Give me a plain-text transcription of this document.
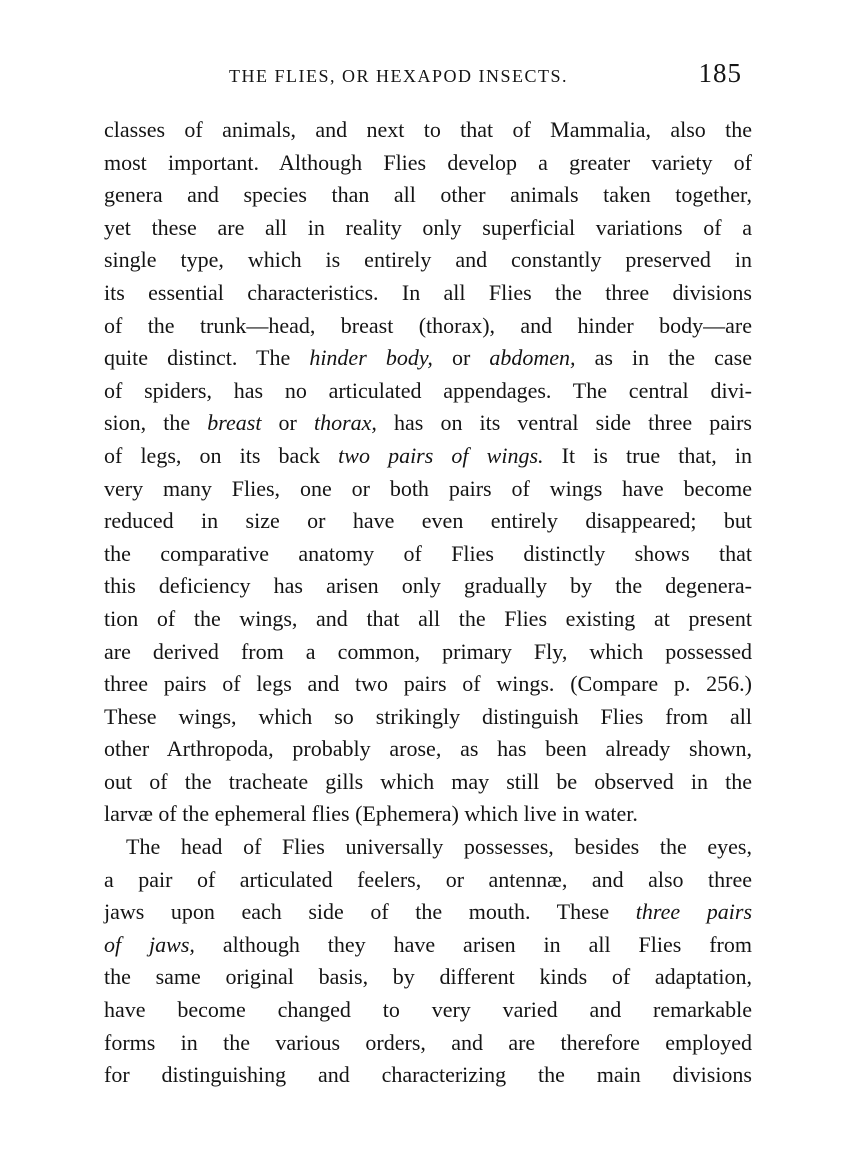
THE FLIES, OR HEXAPOD INSECTS.	185
classes of animals, and next to that of Mammalia, also the
most important. Although Flies develop a greater variety of
genera and species than all other animals taken together,
yet these are all in reality only superficial variations of a
single type, which is entirely and constantly preserved in
its essential characteristics. In all Flies the three divisions
of the trunk—head, breast (thorax), and hinder body—are
quite distinct. The hinder body, or abdomen, as in the case
of spiders, has no articulated appendages. The central divi-
sion, the breast or thorax, has on its ventral side three pairs
of legs, on its back two pairs of wings. It is true that, in
very many Flies, one or both pairs of wings have become
reduced in size or have even entirely disappeared; but
the comparative anatomy of Flies distinctly shows that
this deficiency has arisen only gradually by the degenera-
tion of the wings, and that all the Flies existing at present
are derived from a common, primary Fly, which possessed
three pairs of legs and two pairs of wings. (Compare p. 256.)
These wings, which so strikingly distinguish Flies from all
other Arthropoda, probably arose, as has been already shown,
out of the tracheate gills which may still be observed in the
larvæ of the ephemeral flies (Ephemera) which live in water.
The head of Flies universally possesses, besides the eyes,
a pair of articulated feelers, or antennæ, and also three
jaws upon each side of the mouth. These three pairs
of jaws, although they have arisen in all Flies from
the same original basis, by different kinds of adaptation,
have become changed to very varied and remarkable
forms in the various orders, and are therefore employed
for distinguishing and characterizing the main divisions
